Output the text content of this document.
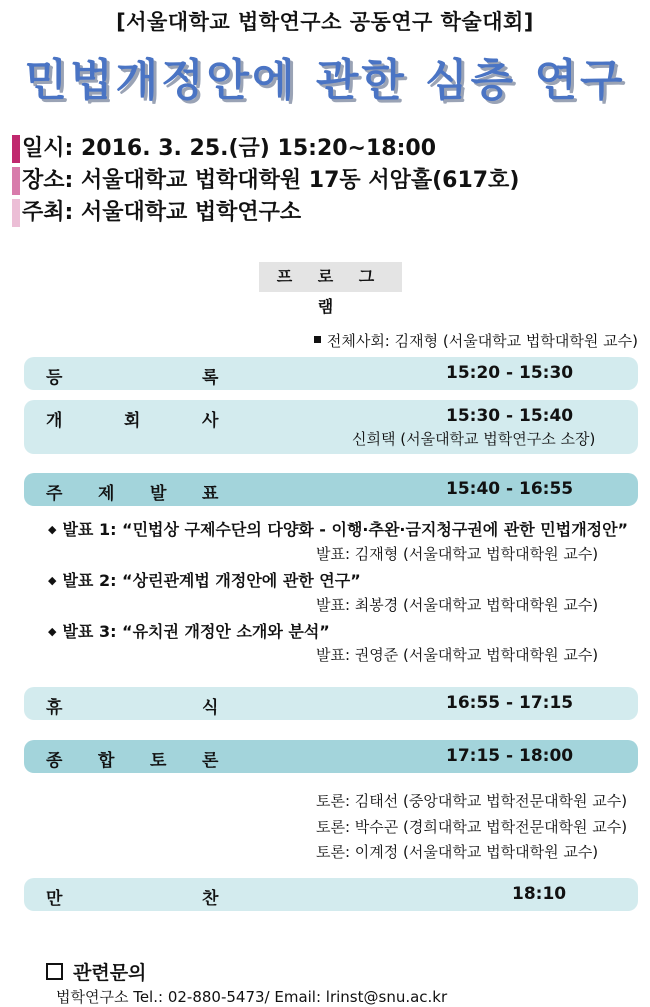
[서울대학교 법학연구소 공동연구 학술대회]
민법개정안에 관한 심층 연구
일시: 2016. 3. 25.(금) 15:20~18:00
장소: 서울대학교 법학대학원 17동 서암홀(617호)
주최: 서울대학교 법학연구소
프 로 그 램
전체사회: 김재형 (서울대학교 법학대학원 교수)
등	록	15:20 - 15:30
개	회	사	15:30 - 15:40
신희택 (서울대학교 법학연구소 소장)
주 제 발 표	15:40 - 16:55
◆ 발표 1: “민법상 구제수단의 다양화 - 이행·추완·금지청구권에 관한 민법개정안”
발표: 김재형 (서울대학교 법학대학원 교수)
◆ 발표 2: “상린관계법 개정안에 관한 연구”
발표: 최봉경 (서울대학교 법학대학원 교수)
◆ 발표 3: “유치권 개정안 소개와 분석”
발표: 권영준 (서울대학교 법학대학원 교수)
휴	식	16:55 - 17:15
종 합 토 론	17:15 - 18:00
토론: 김태선 (중앙대학교 법학전문대학원 교수)
토론: 박수곤 (경희대학교 법학전문대학원 교수)
토론: 이계정 (서울대학교 법학대학원 교수)
만	찬	18:10
관련문의
법학연구소 Tel.: 02-880-5473/ Email: lrinst@snu.ac.kr
